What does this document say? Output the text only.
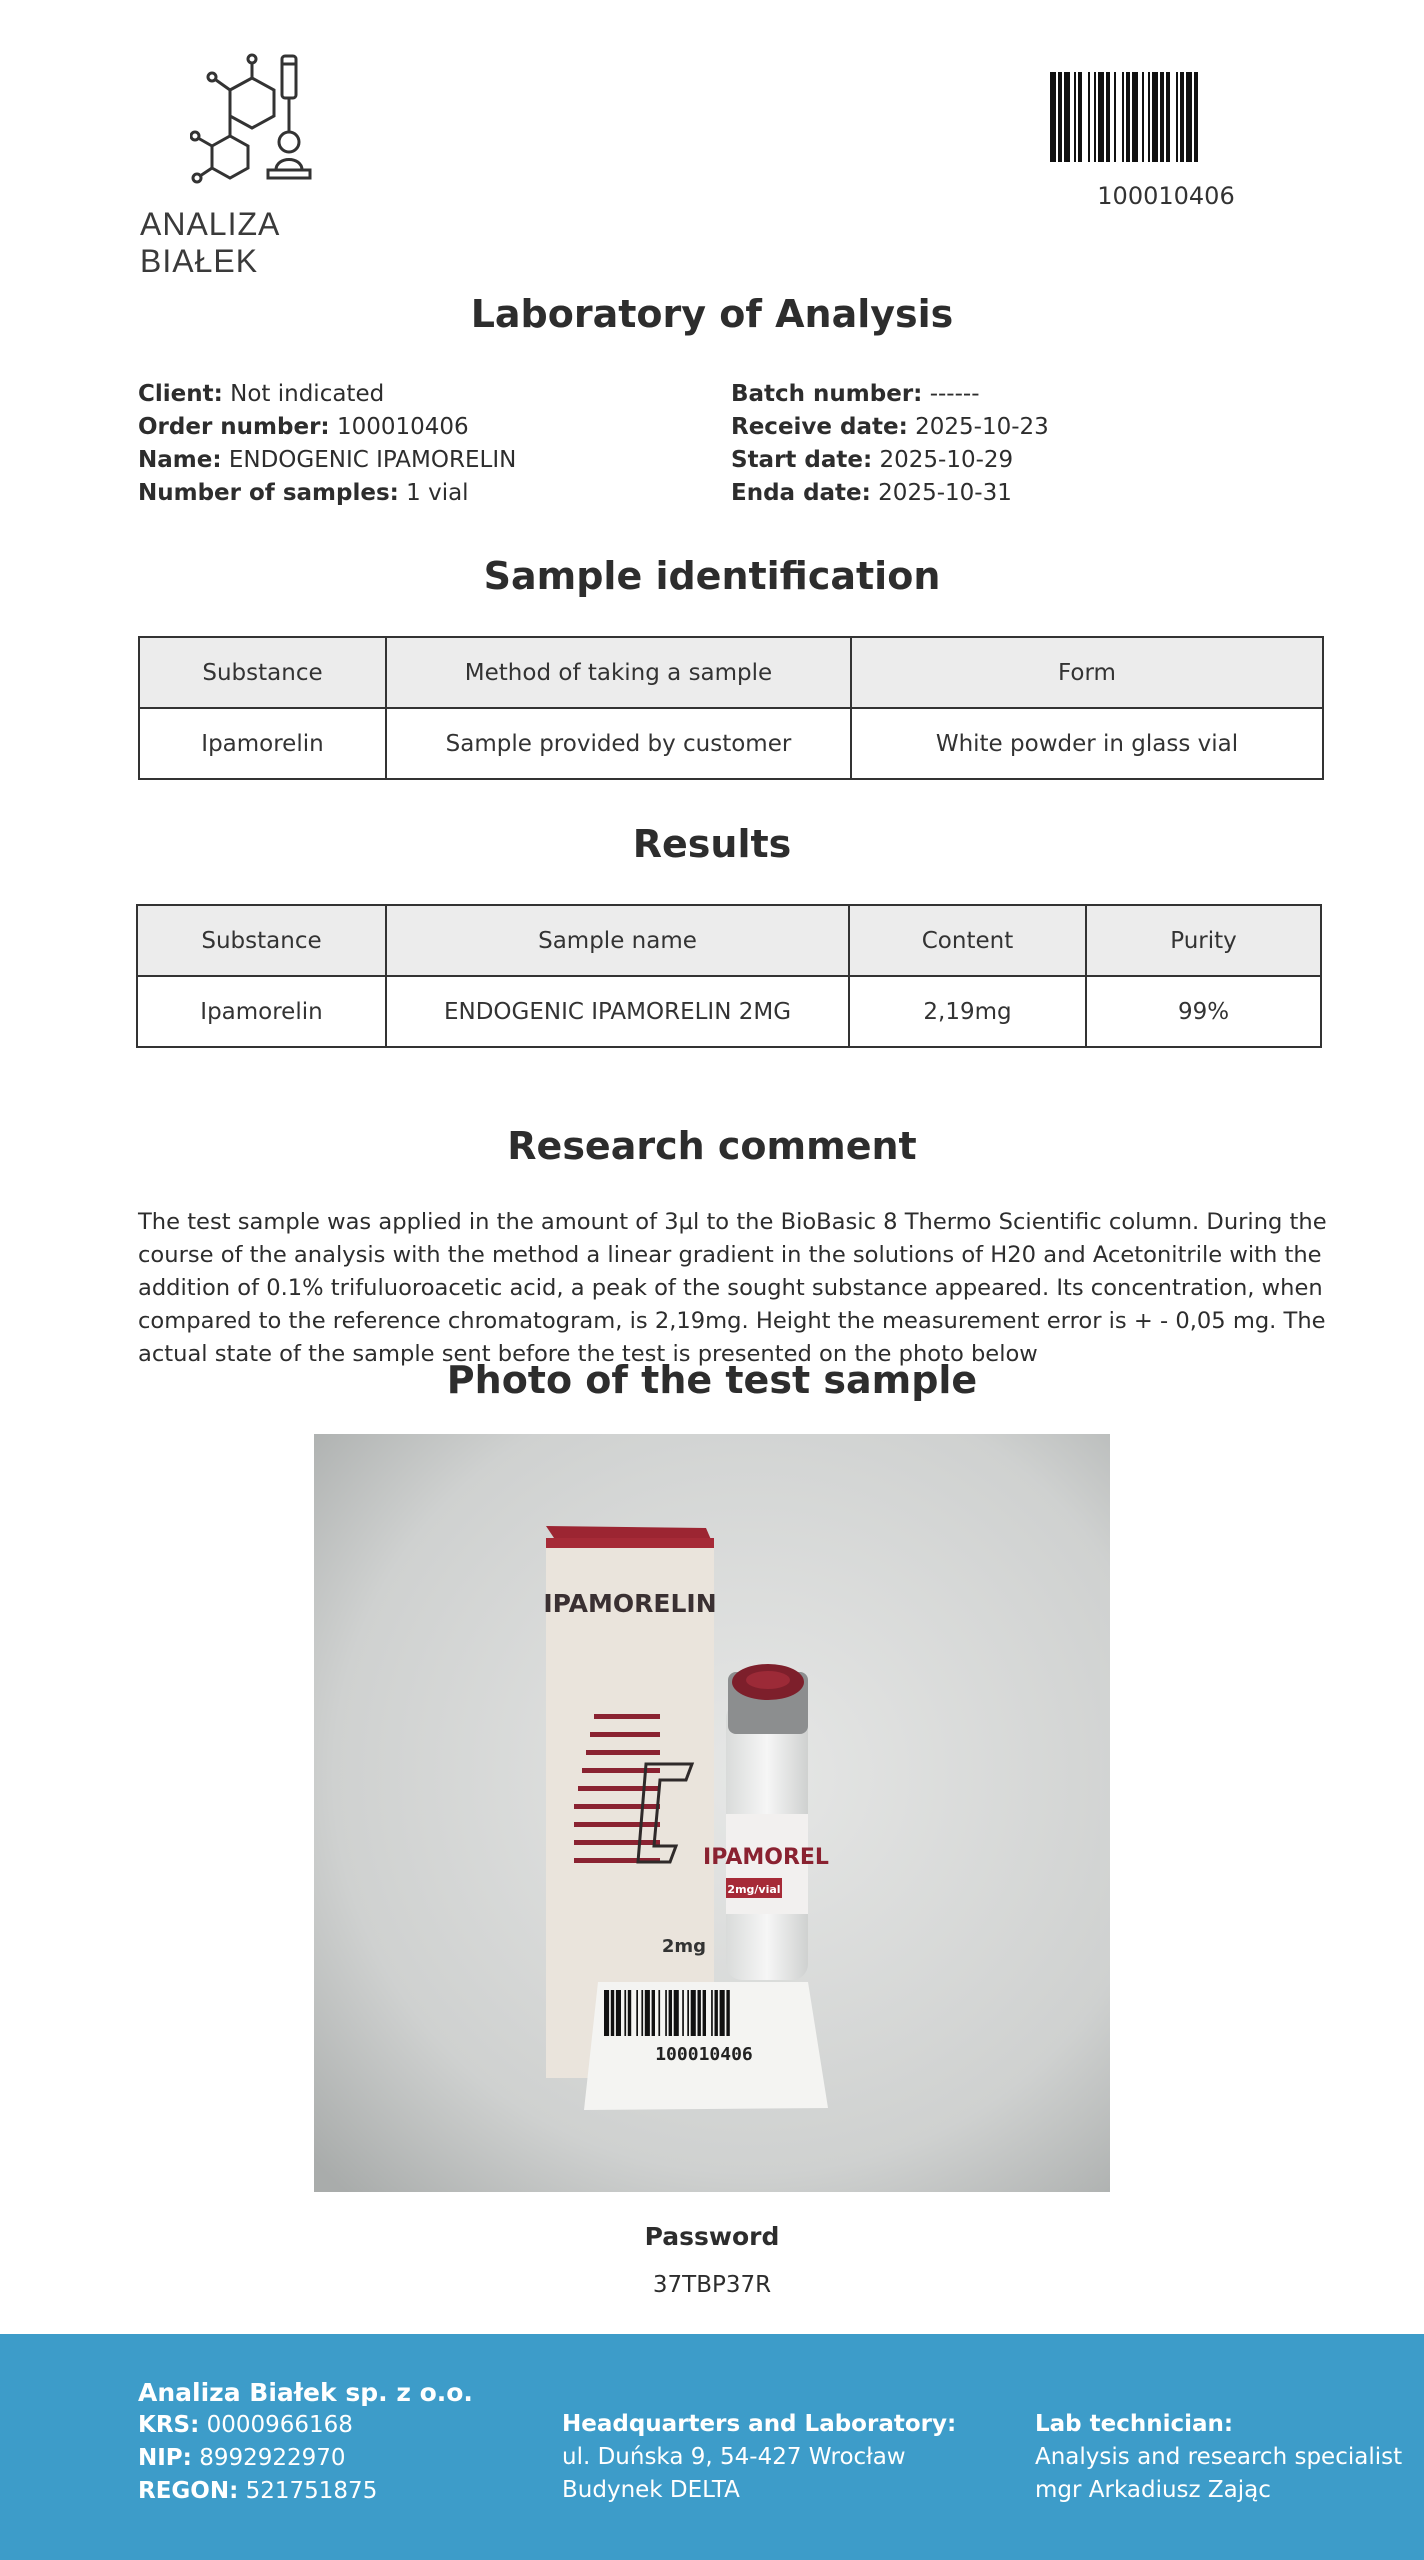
ANALIZA BIAŁEK
100010406
Laboratory of Analysis
Client: Not indicated
Order number: 100010406
Name: ENDOGENIC IPAMORELIN
Number of samples: 1 vial
Batch number: ------
Receive date: 2025-10-23
Start date: 2025-10-29
Enda date: 2025-10-31
Sample identification
Substance	Method of taking a sample	Form
Ipamorelin	Sample provided by customer	White powder in glass vial
Results
Substance	Sample name	Content	Purity
Ipamorelin	ENDOGENIC IPAMORELIN 2MG	2,19mg	99%
Research comment
The test sample was applied in the amount of 3µl to the BioBasic 8 Thermo Scientific column. During the course of the analysis with the method a linear gradient in the solutions of H20 and Acetonitrile with the addition of 0.1% trifuluoroacetic acid, a peak of the sought substance appeared. Its concentration, when compared to the reference chromatogram, is 2,19mg. Height the measurement error is + - 0,05 mg. The actual state of the sample sent before the test is presented on the photo below
Photo of the test sample
IPAMORELIN
2mg
IPAMOREL
2mg/vial
100010406
Password
37TBP37R
Analiza Białek sp. z o.o.
KRS: 0000966168
NIP: 8992922970
REGON: 521751875
Headquarters and Laboratory:
ul. Duńska 9, 54-427 Wrocław
Budynek DELTA
Lab technician:
Analysis and research specialist
mgr Arkadiusz Zając
